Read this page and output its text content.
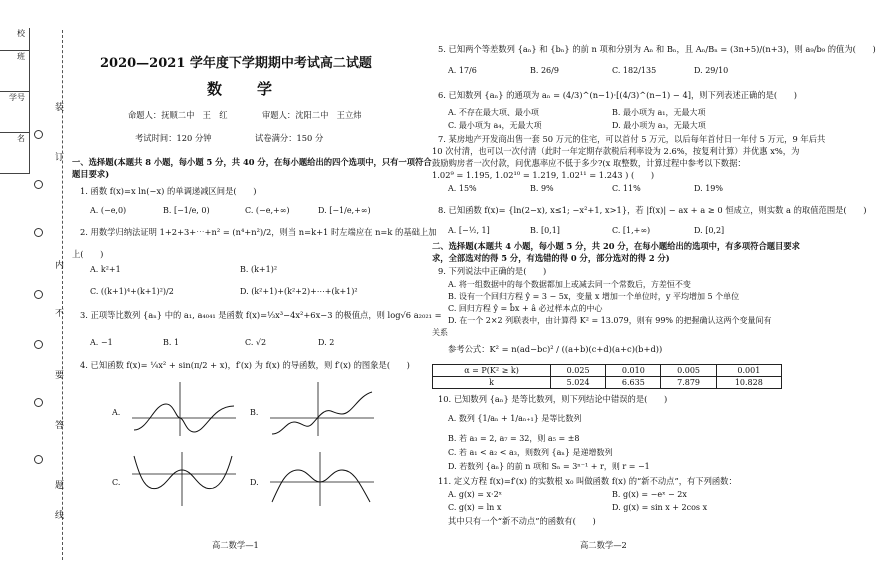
校
班
学号
名
装
订
线
内
不
要
答
题
2020—2021 学年度下学期期中考试高二试题
数　学
命题人：抚顺二中　王　红	审题人：沈阳二中　王立炜
考试时间：120 分钟	试卷满分：150 分
一、选择题(本题共 8 小题，每小题 5 分，共 40 分，在每小题给出的四个选项中，只有一项符合
题目要求)
1. 函数 f(x)=x ln(−x) 的单调递减区间是(　　)
A. (−e,0)	B. [−1/e, 0)	C. (−e,+∞)	D. [−1/e,+∞)
2. 用数学归纳法证明 1+2+3+⋯+n² = (n⁴+n²)/2，则当 n=k+1 时左端应在 n=k 的基础上加
上(　　)
A. k²+1	B. (k+1)²
C. ((k+1)⁴+(k+1)²)/2	D. (k²+1)+(k²+2)+⋯+(k+1)²
3. 正项等比数列 {aₙ} 中的 a₁, a₄₀₄₁ 是函数 f(x)=⅓x³−4x²+6x−3 的极值点，则 log√6 a₂₀₂₁ =
A. −1	B. 1	C. √2	D. 2
4. 已知函数 f(x)= ¼x² + sin(π/2 + x)，f′(x) 为 f(x) 的导函数，则 f′(x) 的图象是(　　)
A.	B.
C.	D.
高二数学—1
5. 已知两个等差数列 {aₙ} 和 {bₙ} 的前 n 项和分别为 Aₙ 和 Bₙ，且 Aₙ/Bₙ = (3n+5)/(n+3)，则 a₉/b₉ 的值为(　　)
A. 17/6	B. 26/9	C. 182/135	D. 29/10
6. 已知数列 {aₙ} 的通项为 aₙ = (4/3)^(n−1)·[(4/3)^(n−1) − 4]，则下列表述正确的是(　　)
A. 不存在最大项、最小项	B. 最小项为 a₁，无最大项
C. 最小项为 a₄，无最大项	D. 最小项为 a₃，无最大项
7. 某房地产开发商出售一套 50 万元的住宅，可以首付 5 万元，以后每年首付日一年付 5 万元，9 年后共
10 次付清，也可以一次付清（此时一年定期存款税后利率设为 2.6%，按复利计算）并优惠 x%，为
鼓励购房者一次付款，问优惠率应不低于多少?(x 取整数，计算过程中参考以下数据：
1.02⁹ = 1.195, 1.02¹⁰ = 1.219, 1.02¹¹ = 1.243 ) (　　)
A. 15%	B. 9%	C. 11%	D. 19%
8. 已知函数 f(x)= {ln(2−x), x≤1; −x²+1, x>1}，若 |f(x)| − ax + a ≥ 0 恒成立，则实数 a 的取值范围是(　　)
A. [−½, 1]	B. [0,1]	C. [1,+∞)	D. [0,2]
二、选择题(本题共 4 小题，每小题 5 分，共 20 分，在每小题给出的选项中，有多项符合题目要求
求，全部选对的得 5 分，有选错的得 0 分，部分选对的得 2 分)
9. 下列说法中正确的是(　　)
A. 将一组数据中的每个数据都加上或减去同一个常数后，方差恒不变
B. 设有一个回归方程 ŷ = 3 − 5x，变量 x 增加一个单位时，y 平均增加 5 个单位
C. 回归方程 ŷ = b̂x + â 必过样本点的中心
D. 在一个 2×2 列联表中，由计算得 K² = 13.079，则有 99% 的把握确认这两个变量间有
关系
参考公式：K² = n(ad−bc)² / ((a+b)(c+d)(a+c)(b+d))
α = P(K² ≥ k)	0.025	0.010	0.005	0.001
k	5.024	6.635	7.879	10.828
10. 已知数列 {aₙ} 是等比数列，则下列结论中错误的是(　　)
A. 数列 {1/aₙ + 1/aₙ₊₁} 是等比数列
B. 若 a₃ = 2, a₇ = 32，则 a₅ = ±8
C. 若 a₁ < a₂ < a₃，则数列 {aₙ} 是递增数列
D. 若数列 {aₙ} 的前 n 项和 Sₙ = 3ⁿ⁻¹ + r，则 r = −1
11. 定义方程 f(x)=f′(x) 的实数根 x₀ 叫做函数 f(x) 的“新不动点”，有下列函数：
A. g(x) = x·2ˣ	B. g(x) = −eˣ − 2x
C. g(x) = ln x	D. g(x) = sin x + 2cos x
其中只有一个“新不动点”的函数有(　　)
高二数学—2
